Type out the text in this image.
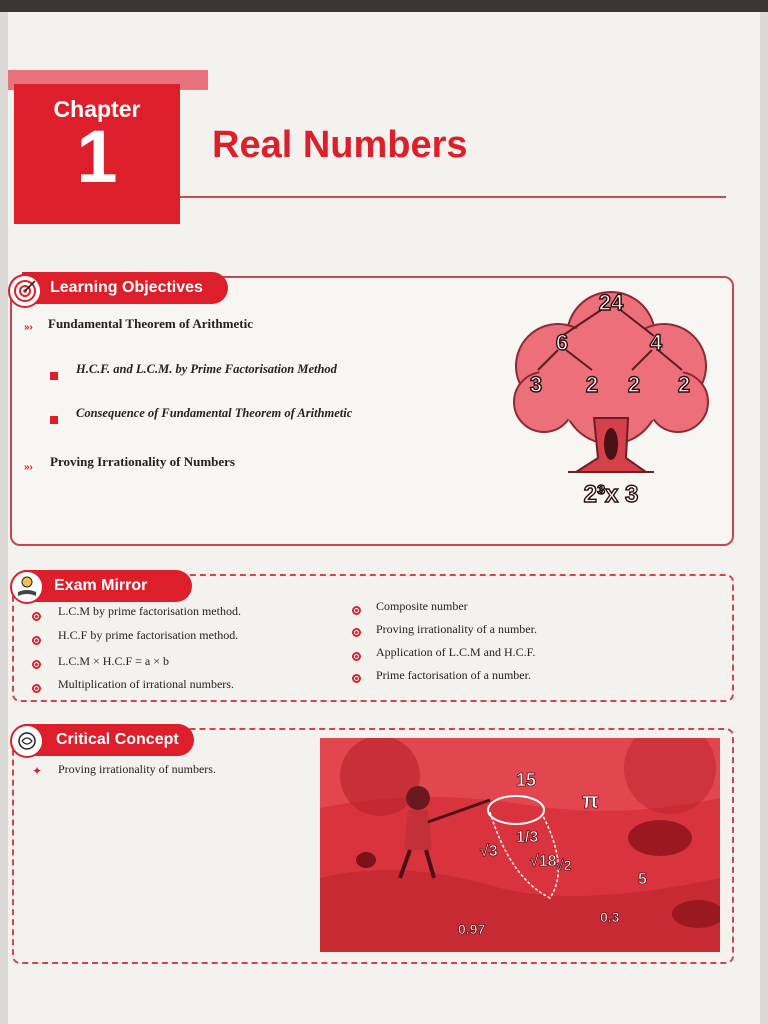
Chapter
1	Real Numbers
Learning Objectives
»› Fundamental Theorem of Arithmetic
H.C.F. and L.C.M. by Prime Factorisation Method
Consequence of Fundamental Theorem of Arithmetic
»› Proving Irrationality of Numbers
24
6	4
3 2 2 2
2³x 3
Exam Mirror
L.C.M by prime factorisation method.
H.C.F by prime factorisation method.
L.C.M × H.C.F = a × b
Multiplication of irrational numbers.
Composite number
Proving irrationality of a number.
Application of L.C.M and H.C.F.
Prime factorisation of a number.
Critical Concept
✦ Proving irrationality of numbers.
15
π
√3
1/3
√18 √2
5
0.3
0.97
